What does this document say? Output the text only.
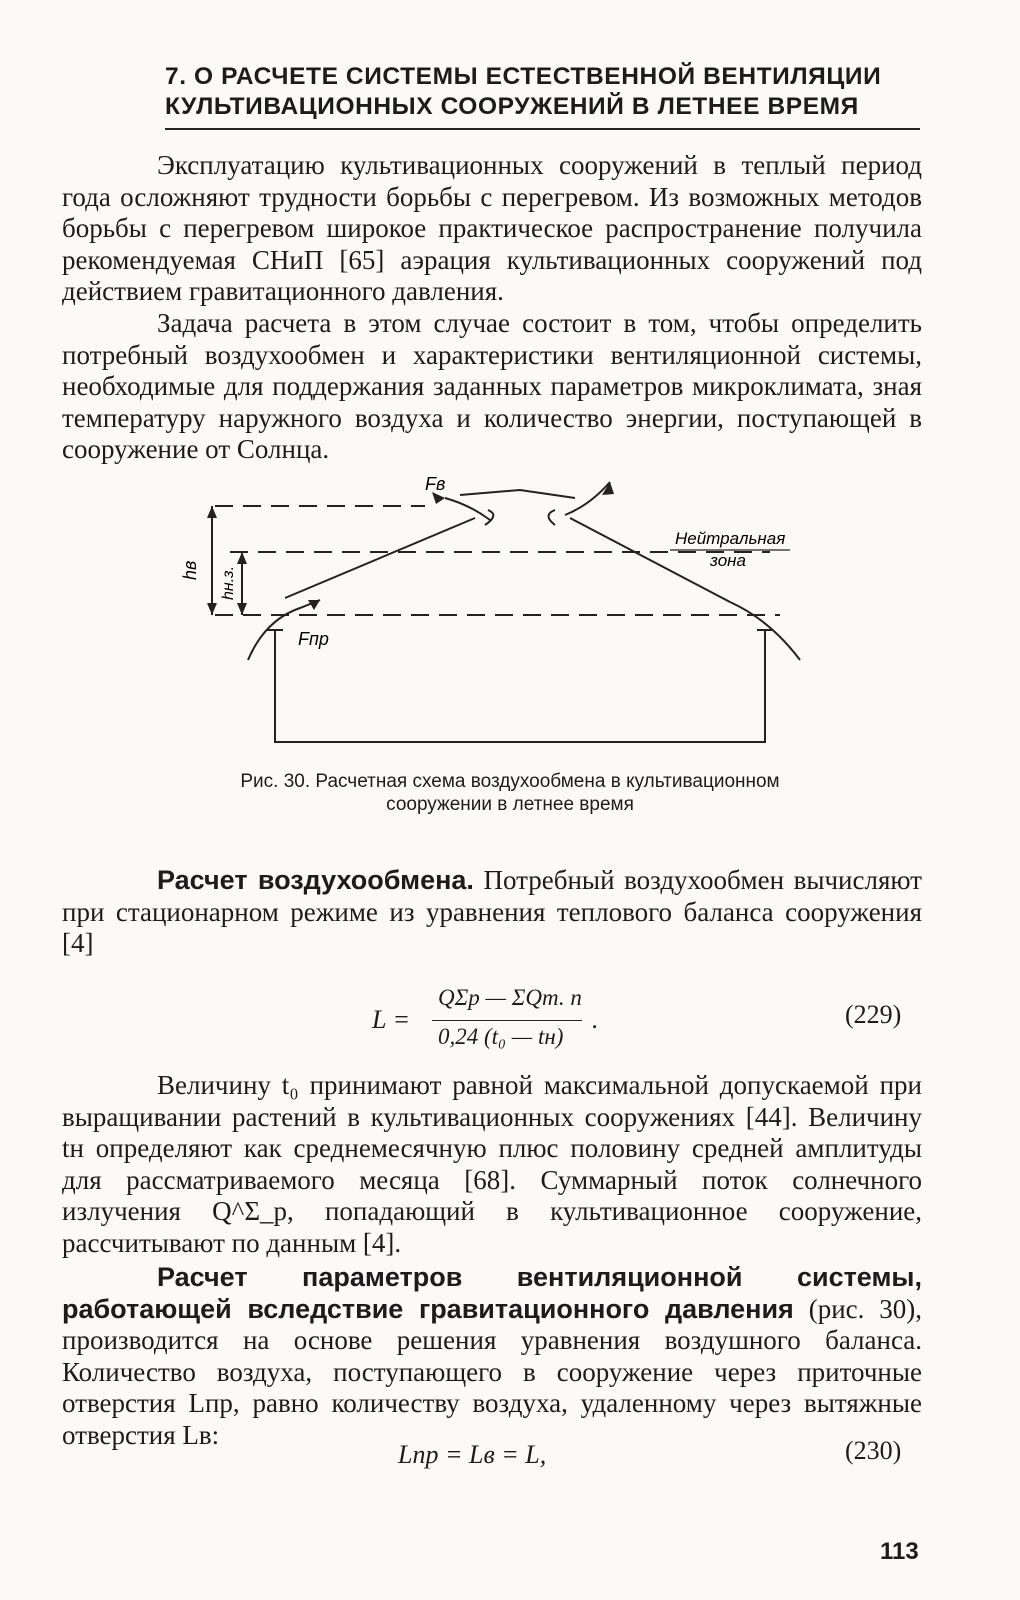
7. О РАСЧЕТЕ СИСТЕМЫ ЕСТЕСТВЕННОЙ ВЕНТИЛЯЦИИ
КУЛЬТИВАЦИОННЫХ СООРУЖЕНИЙ В ЛЕТНЕЕ ВРЕМЯ

Эксплуатацию культивационных сооружений в теплый период года осложняют трудности борьбы с перегревом. Из возможных методов борьбы с перегревом широкое практическое распространение получила рекомендуемая СНиП [65] аэрация культивационных сооружений под действием гравитационного давления.

Задача расчета в этом случае состоит в том, чтобы определить потребный воздухообмен и характеристики вентиляционной системы, необходимые для поддержания заданных параметров микроклимата, зная температуру наружного воздуха и количество энергии, поступающей в сооружение от Солнца.

Fв
Fпр
hв hн.з.
Нейтральная
зона
Рис. 30. Расчетная схема воздухообмена в культивационном
сооружении в летнее время

Расчет воздухообмена. Потребный воздухообмен вычисляют при стационарном режиме из уравнения теплового баланса сооружения [4]

L =
QΣр — ΣQт. п
0,24 (t₀ — tн)
.	(229)

Величину t₀ принимают равной максимальной допускаемой при выращивании растений в культивационных сооружениях [44]. Величину tн определяют как среднемесячную плюс половину средней амплитуды для рассматриваемого месяца [68]. Суммарный поток солнечного излучения Q^Σ_р, попадающий в культивационное сооружение, рассчитывают по данным [4].

Расчет параметров вентиляционной системы, работающей вследствие гравитационного давления (рис. 30), производится на основе решения уравнения воздушного баланса. Количество воздуха, поступающего в сооружение через приточные отверстия Lпр, равно количеству воздуха, удаленному через вытяжные отверстия Lв:

Lпр = Lв = L,	(230)
113
